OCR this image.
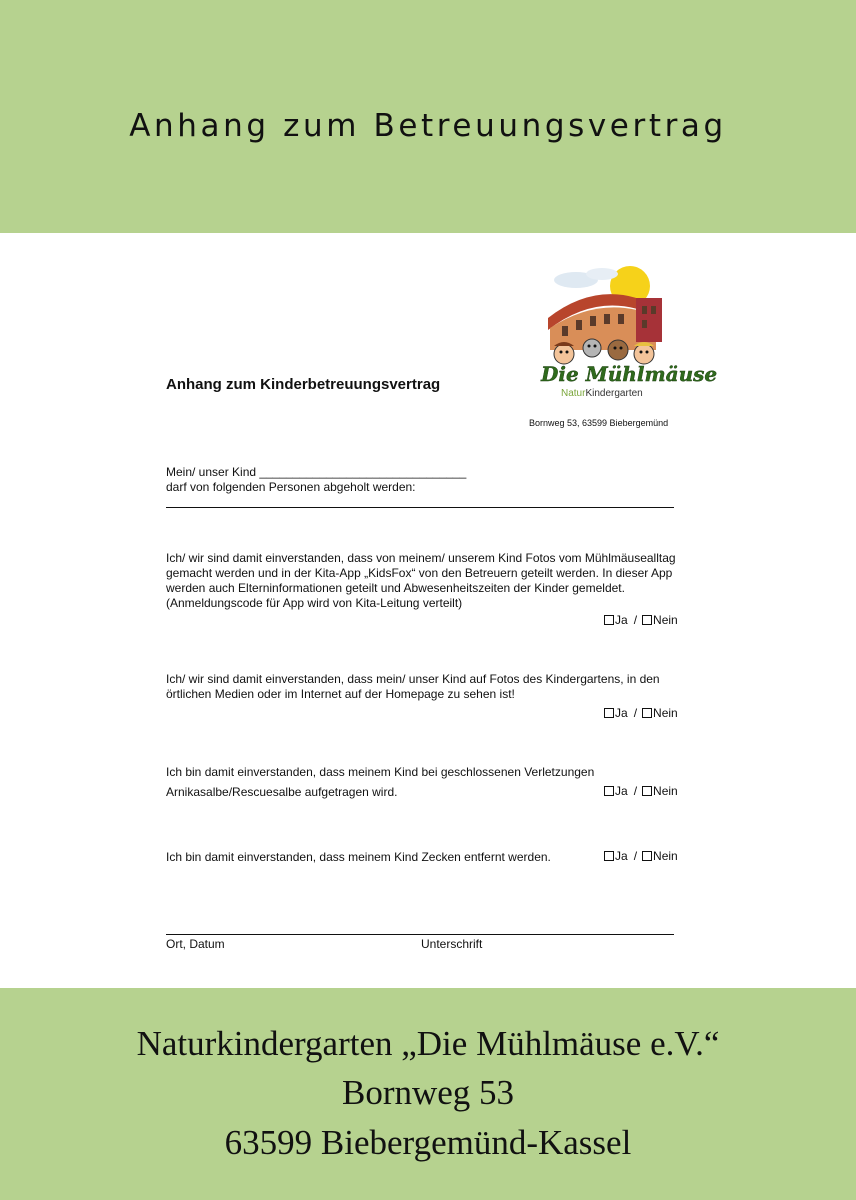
Anhang zum Betreuungsvertrag
Die Mühlmäuse
NaturKindergarten
Anhang zum Kinderbetreuungsvertrag
Bornweg 53, 63599 Biebergemünd
Mein/ unser Kind _______________________________
darf von folgenden Personen abgeholt werden:
Ich/ wir sind damit einverstanden, dass von meinem/ unserem Kind Fotos vom Mühlmäusealltag
gemacht werden und in der Kita-App „KidsFox“ von den Betreuern geteilt werden. In dieser App
werden auch Elterninformationen geteilt und Abwesenheitszeiten der Kinder gemeldet.
(Anmeldungscode für App wird von Kita-Leitung verteilt)
Ja / Nein
Ich/ wir sind damit einverstanden, dass mein/ unser Kind auf Fotos des Kindergartens, in den
örtlichen Medien oder im Internet auf der Homepage zu sehen ist!
Ja / Nein
Ich bin damit einverstanden, dass meinem Kind bei geschlossenen Verletzungen
Arnikasalbe/Rescuesalbe aufgetragen wird.	Ja / Nein
Ich bin damit einverstanden, dass meinem Kind Zecken entfernt werden.	Ja / Nein
Ort, Datum	Unterschrift
Naturkindergarten „Die Mühlmäuse e.V.“
Bornweg 53
63599 Biebergemünd-Kassel
